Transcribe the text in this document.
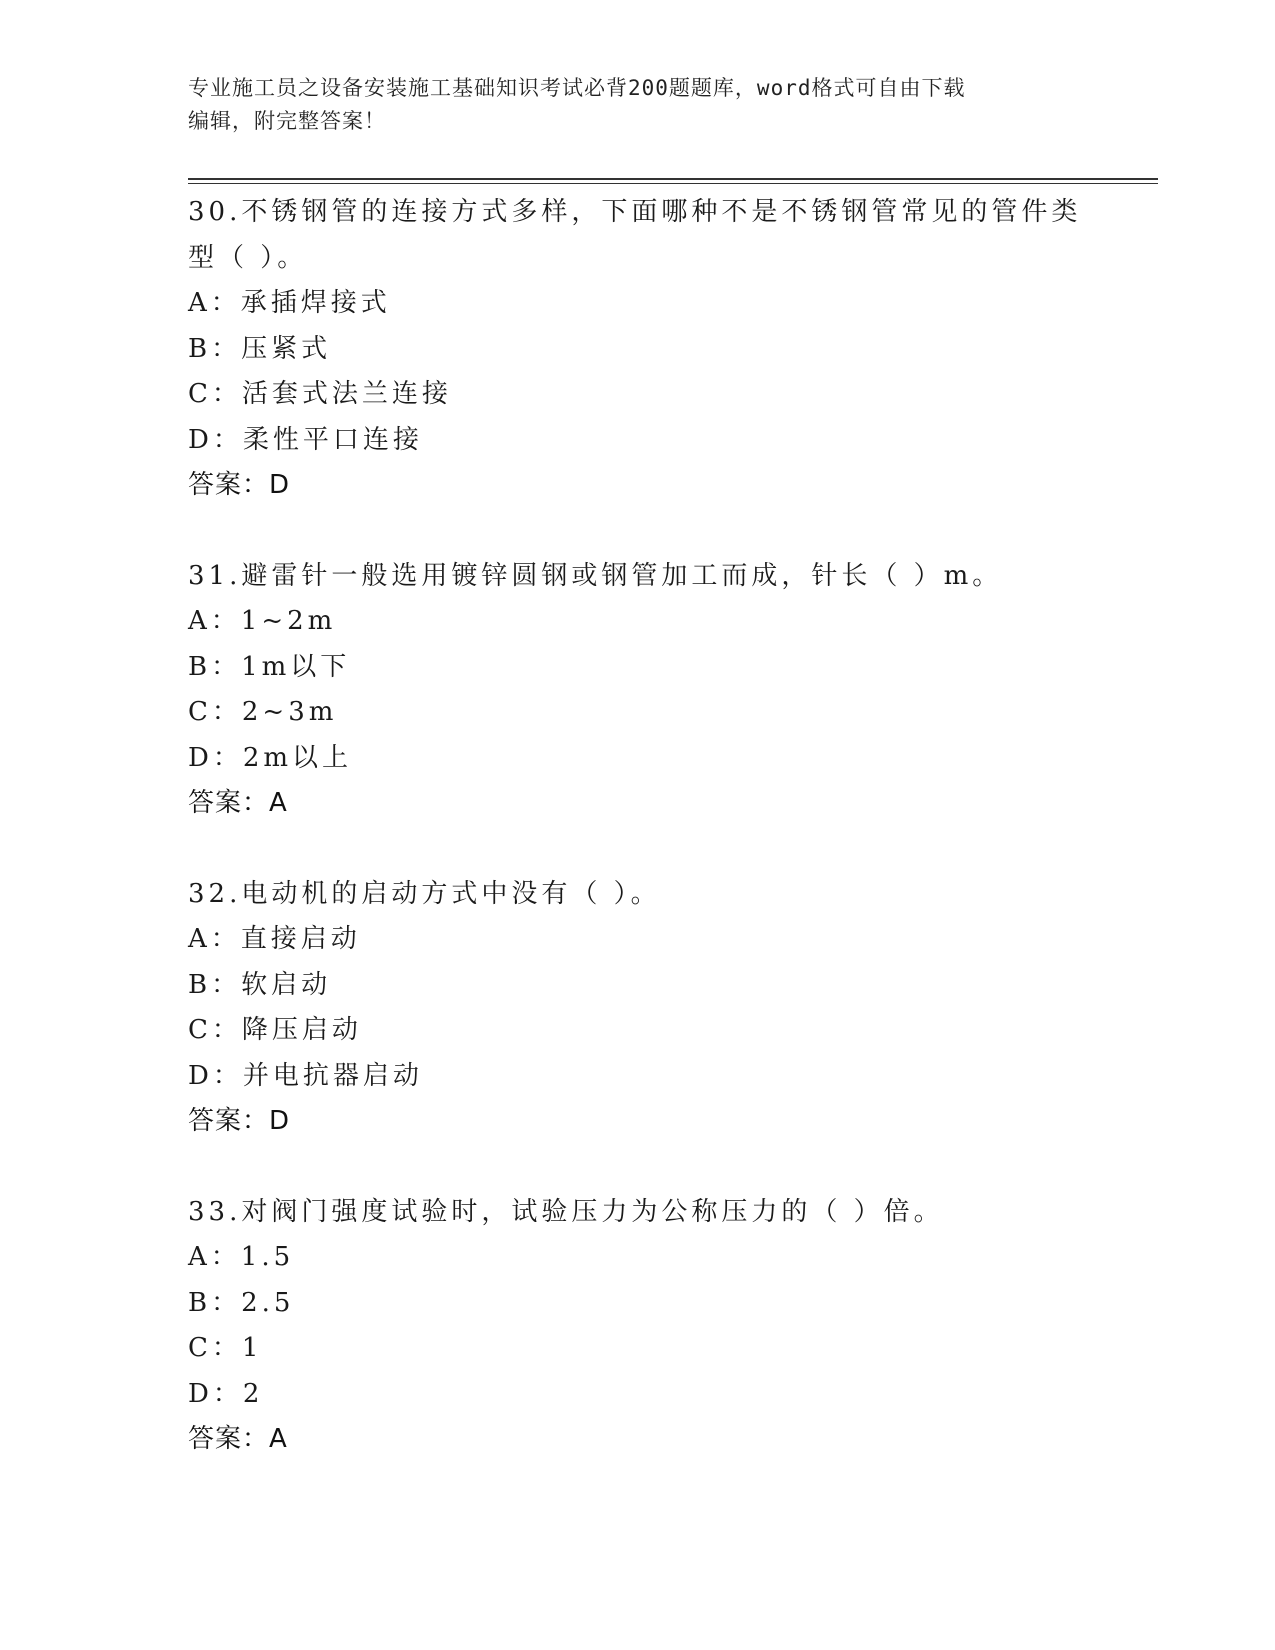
专业施工员之设备安装施工基础知识考试必背200题题库，word格式可自由下载
编辑，附完整答案！
30.不锈钢管的连接方式多样，下面哪种不是不锈钢管常见的管件类型（ ）。
A：承插焊接式
B：压紧式
C：活套式法兰连接
D：柔性平口连接
答案：D
31.避雷针一般选用镀锌圆钢或钢管加工而成，针长（ ）m。
A：1~2m
B：1m以下
C：2~3m
D：2m以上
答案：A
32.电动机的启动方式中没有（ ）。
A：直接启动
B：软启动
C：降压启动
D：并电抗器启动
答案：D
33.对阀门强度试验时，试验压力为公称压力的（ ）倍。
A：1.5
B：2.5
C：1
D：2
答案：A
